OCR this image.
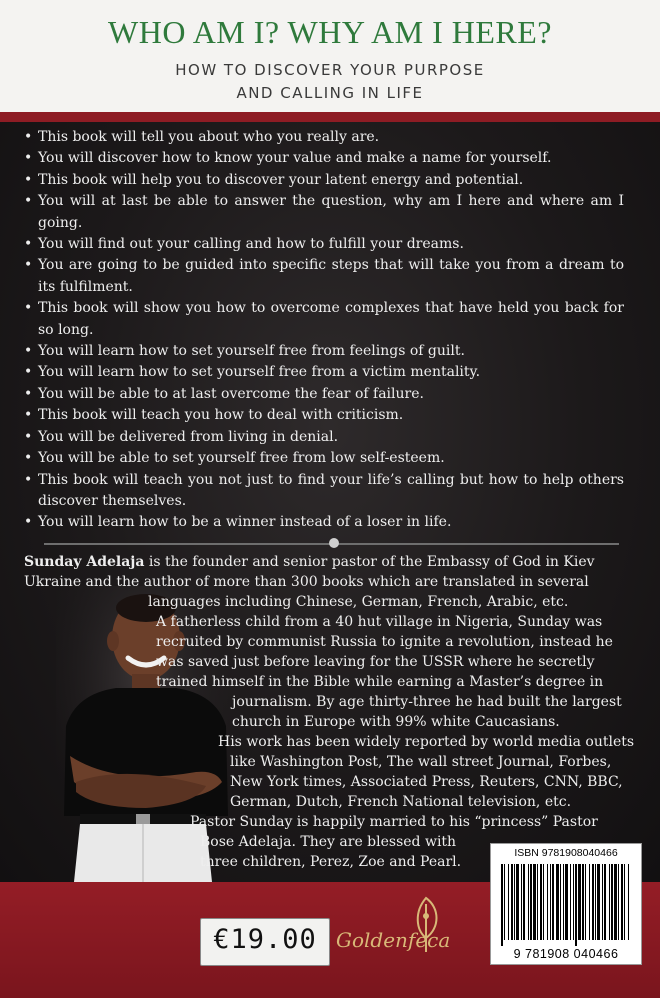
WHO AM I? WHY AM I HERE?
HOW TO DISCOVER YOUR PURPOSE
AND CALLING IN LIFE
• This book will tell you about who you really are.
• You will discover how to know your value and make a name for yourself.
• This book will help you to discover your latent energy and potential.
• You will at last be able to answer the question, why am I here and where am I going.
• You will find out your calling and how to fulfill your dreams.
• You are going to be guided into specific steps that will take you from a dream to its fulfilment.
• This book will show you how to overcome complexes that have held you back for so long.
• You will learn how to set yourself free from feelings of guilt.
• You will learn how to set yourself free from a victim mentality.
• You will be able to at last overcome the fear of failure.
• This book will teach you how to deal with criticism.
• You will be delivered from living in denial.
• You will be able to set yourself free from low self-esteem.
• This book will teach you not just to find your life’s calling but how to help others discover themselves.
• You will learn how to be a winner instead of a loser in life.
Sunday Adelaja is the founder and senior pastor of the Embassy of God in Kiev
Ukraine and the author of more than 300 books which are translated in several
languages including Chinese, German, French, Arabic, etc.
A fatherless child from a 40 hut village in Nigeria, Sunday was
recruited by communist Russia to ignite a revolution, instead he
was saved just before leaving for the USSR where he secretly
trained himself in the Bible while earning a Master’s degree in
journalism. By age thirty-three he had built the largest
church in Europe with 99% white Caucasians.
His work has been widely reported by world media outlets
like Washington Post, The wall street Journal, Forbes,
New York times, Associated Press, Reuters, CNN, BBC,
German, Dutch, French National television, etc.
Pastor Sunday is happily married to his “princess” Pastor
Bose Adelaja. They are blessed with
three children, Perez, Zoe and Pearl.
€19.00 Goldenfeca
ISBN 9781908040466
9 781908 040466
